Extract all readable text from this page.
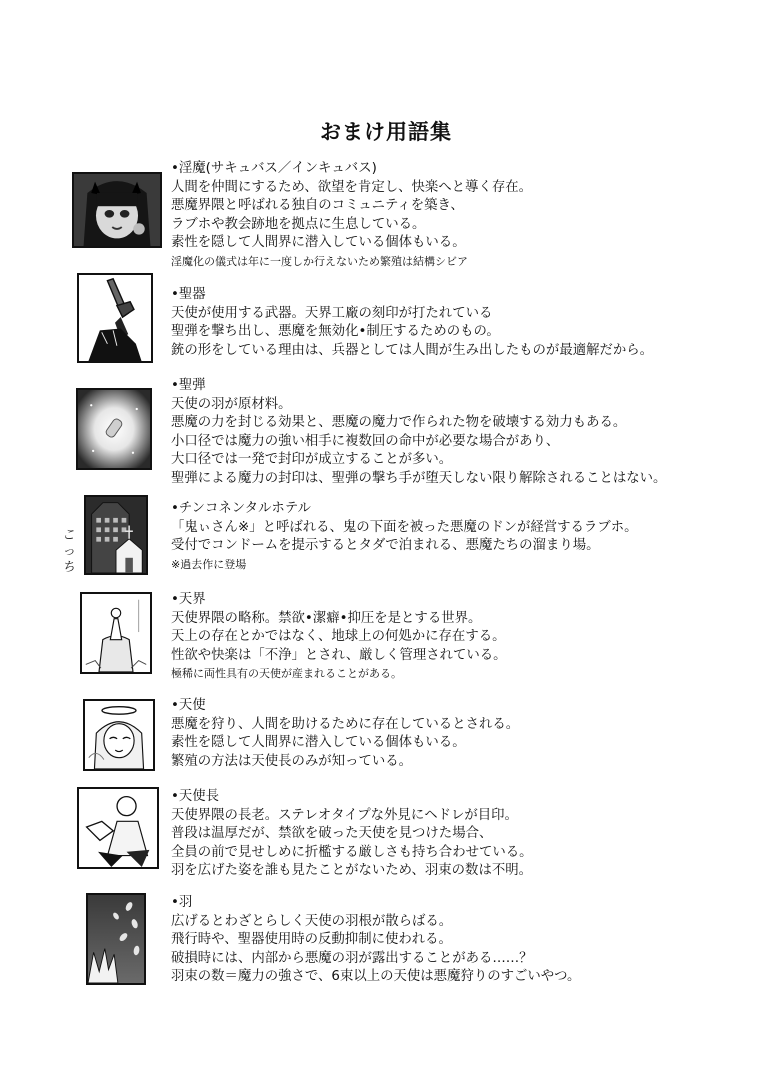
おまけ用語集
•淫魔(サキュバス／インキュバス)
人間を仲間にするため、欲望を肯定し、快楽へと導く存在。
悪魔界隈と呼ばれる独自のコミュニティを築き、
ラブホや教会跡地を拠点に生息している。
素性を隠して人間界に潜入している個体もいる。
淫魔化の儀式は年に一度しか行えないため繁殖は結構シビア
•聖器
天使が使用する武器。天界工廠の刻印が打たれている
聖弾を撃ち出し、悪魔を無効化•制圧するためのもの。
銃の形をしている理由は、兵器としては人間が生み出したものが最適解だから。
•聖弾
天使の羽が原材料。
悪魔の力を封じる効果と、悪魔の魔力で作られた物を破壊する効力もある。
小口径では魔力の強い相手に複数回の命中が必要な場合があり、
大口径では一発で封印が成立することが多い。
聖弾による魔力の封印は、聖弾の撃ち手が堕天しない限り解除されることはない。
こっち
•チンコネンタルホテル
「鬼ぃさん※」と呼ばれる、鬼の下面を被った悪魔のドンが経営するラブホ。
受付でコンドームを提示するとタダで泊まれる、悪魔たちの溜まり場。
※過去作に登場
•天界
天使界隈の略称。禁欲•潔癖•抑圧を是とする世界。
天上の存在とかではなく、地球上の何処かに存在する。
性欲や快楽は「不浄」とされ、厳しく管理されている。
極稀に両性具有の天使が産まれることがある。
•天使
悪魔を狩り、人間を助けるために存在しているとされる。
素性を隠して人間界に潜入している個体もいる。
繁殖の方法は天使長のみが知っている。
•天使長
天使界隈の長老。ステレオタイプな外見にヘドレが目印。
普段は温厚だが、禁欲を破った天使を見つけた場合、
全員の前で見せしめに折檻する厳しさも持ち合わせている。
羽を広げた姿を誰も見たことがないため、羽束の数は不明。
•羽
広げるとわざとらしく天使の羽根が散らばる。
飛行時や、聖器使用時の反動抑制に使われる。
破損時には、内部から悪魔の羽が露出することがある……？
羽束の数＝魔力の強さで、6束以上の天使は悪魔狩りのすごいやつ。
